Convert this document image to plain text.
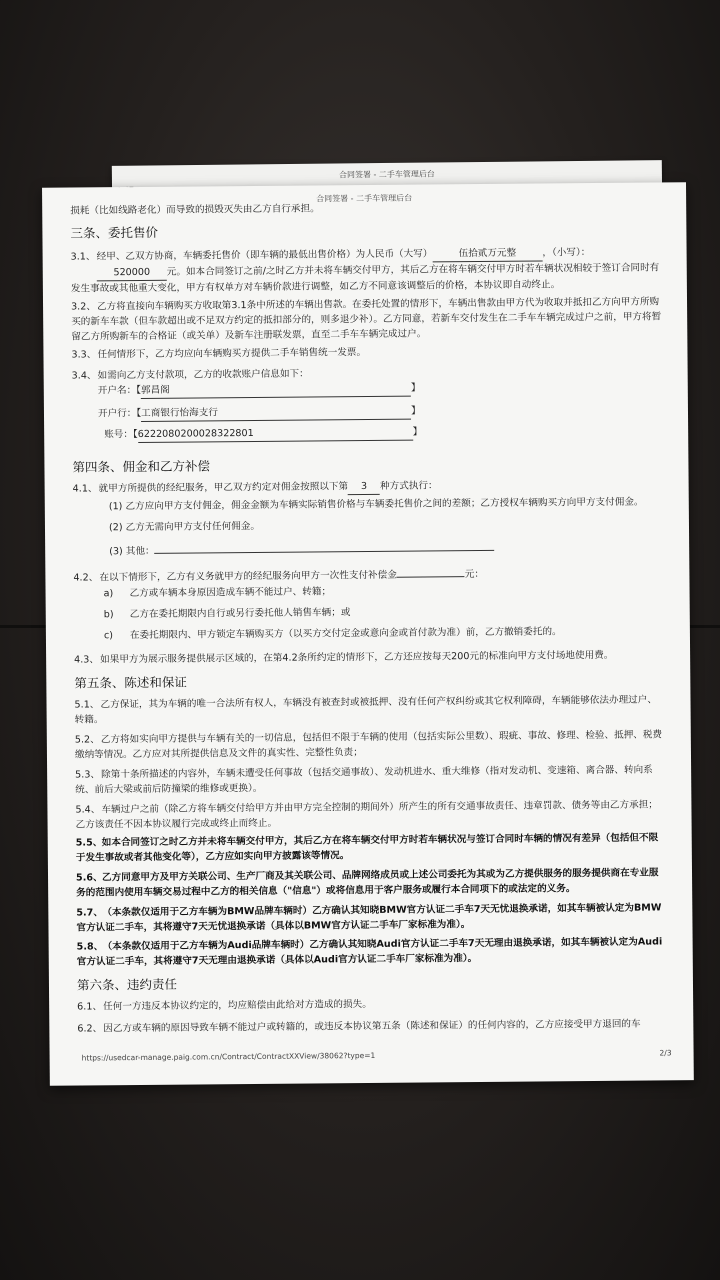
合同签署 - 二手车管理后台
合同签署 - 二手车管理后台
损耗（比如线路老化）而导致的损毁灭失由乙方自行承担。
三条、委托售价
3.1、经甲、乙双方协商，车辆委托售价（即车辆的最低出售价格）为人民币（大写）	伍拾贰万元整	，（小写）：
520000 元。如本合同签订之前/之时乙方并未将车辆交付甲方，其后乙方在将车辆交付甲方时若车辆状况相较于签订合同时有发生事故或其他重大变化，甲方有权单方对车辆价款进行调整，如乙方不同意该调整后的价格，本协议即自动终止。
3.2、乙方将直接向车辆购买方收取第3.1条中所述的车辆出售款。在委托处置的情形下，车辆出售款由甲方代为收取并抵扣乙方向甲方所购买的新车车款（但车款超出或不足双方约定的抵扣部分的，则多退少补）。乙方同意，若新车交付发生在二手车车辆完成过户之前，甲方将暂留乙方所购新车的合格证（或关单）及新车注册联发票，直至二手车车辆完成过户。
3.3、任何情形下，乙方均应向车辆购买方提供二手车销售统一发票。
3.4、如需向乙方支付款项，乙方的收款账户信息如下：
开户名：【郭昌阁	】
开户行：【工商银行怡海支行	】
账号：【6222080200028322801	】
第四条、佣金和乙方补偿
4.1、就甲方所提供的经纪服务，甲乙双方约定对佣金按照以下第 3 种方式执行：
(1) 乙方应向甲方支付佣金，佣金金额为车辆实际销售价格与车辆委托售价之间的差额；乙方授权车辆购买方向甲方支付佣金。
(2) 乙方无需向甲方支付任何佣金。
(3) 其他：
4.2、在以下情形下，乙方有义务就甲方的经纪服务向甲方一次性支付补偿金	元：
a) 乙方或车辆本身原因造成车辆不能过户、转籍；
b) 乙方在委托期限内自行或另行委托他人销售车辆；或
c) 在委托期限内、甲方锁定车辆购买方（以买方交付定金或意向金或首付款为准）前，乙方撤销委托的。
4.3、如果甲方为展示服务提供展示区域的，在第4.2条所约定的情形下，乙方还应按每天200元的标准向甲方支付场地使用费。
第五条、陈述和保证
5.1、乙方保证，其为车辆的唯一合法所有权人，车辆没有被查封或被抵押、没有任何产权纠纷或其它权利障碍，车辆能够依法办理过户、转籍。
5.2、乙方将如实向甲方提供与车辆有关的一切信息，包括但不限于车辆的使用（包括实际公里数）、瑕疵、事故、修理、检验、抵押、税费缴纳等情况。乙方应对其所提供信息及文件的真实性、完整性负责；
5.3、除第十条所描述的内容外，车辆未遭受任何事故（包括交通事故）、发动机进水、重大维修（指对发动机、变速箱、离合器、转向系统、前后大梁或前后防撞梁的维修或更换）。
5.4、车辆过户之前（除乙方将车辆交付给甲方并由甲方完全控制的期间外）所产生的所有交通事故责任、违章罚款、债务等由乙方承担；乙方该责任不因本协议履行完成或终止而终止。
5.5、如本合同签订之时乙方并未将车辆交付甲方，其后乙方在将车辆交付甲方时若车辆状况与签订合同时车辆的情况有差异（包括但不限于发生事故或者其他变化等），乙方应如实向甲方披露该等情况。
5.6、乙方同意甲方及甲方关联公司、生产厂商及其关联公司、品牌网络成员或上述公司委托为其或为乙方提供服务的服务提供商在专业服务的范围内使用车辆交易过程中乙方的相关信息（"信息"）或将信息用于客户服务或履行本合同项下的或法定的义务。
5.7、（本条款仅适用于乙方车辆为BMW品牌车辆时）乙方确认其知晓BMW官方认证二手车7天无忧退换承诺，如其车辆被认定为BMW官方认证二手车，其将遵守7天无忧退换承诺（具体以BMW官方认证二手车厂家标准为准）。
5.8、（本条款仅适用于乙方车辆为Audi品牌车辆时）乙方确认其知晓Audi官方认证二手车7天无理由退换承诺，如其车辆被认定为Audi官方认证二手车，其将遵守7天无理由退换承诺（具体以Audi官方认证二手车厂家标准为准）。
第六条、违约责任
6.1、任何一方违反本协议约定的，均应赔偿由此给对方造成的损失。
6.2、因乙方或车辆的原因导致车辆不能过户或转籍的，或违反本协议第五条（陈述和保证）的任何内容的，乙方应接受甲方退回的车
https://usedcar-manage.paig.com.cn/Contract/ContractXXView/38062?type=1	2/3
